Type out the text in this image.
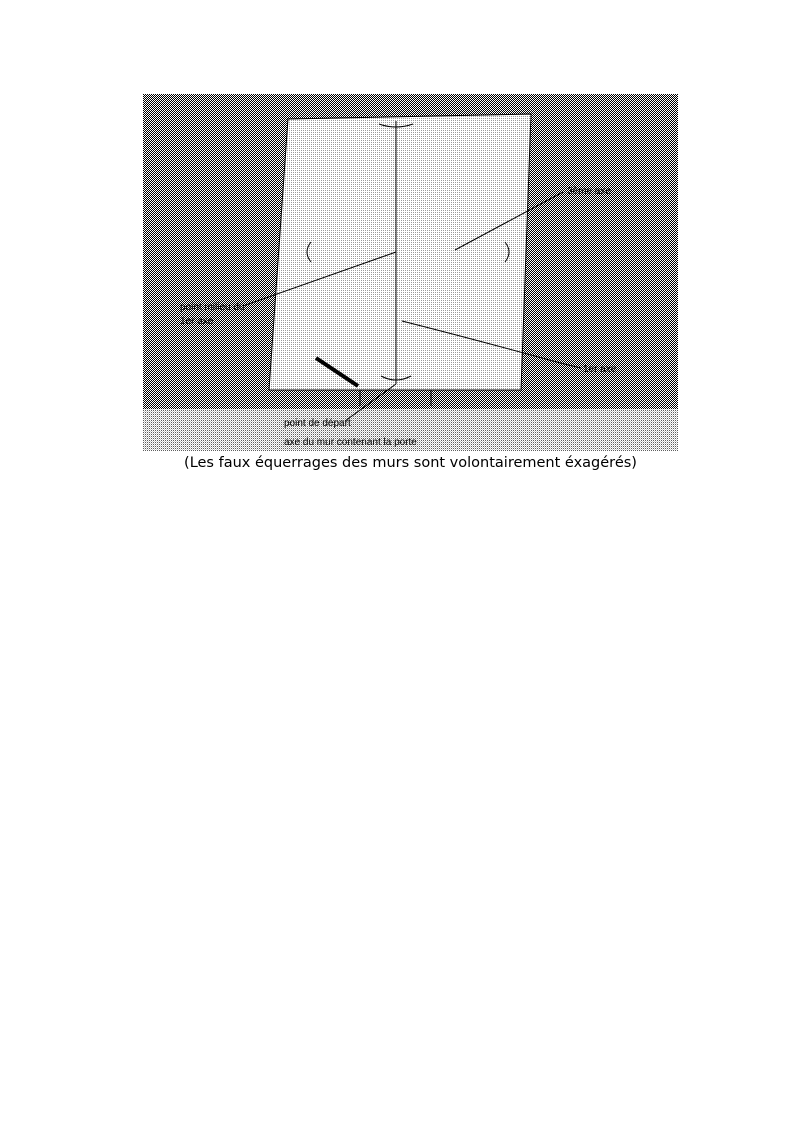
3ème axe
point milieu du
1er axe
1er axe
point de départ
axe du mur contenant la porte
(Les faux équerrages des murs sont volontairement éxagérés)
